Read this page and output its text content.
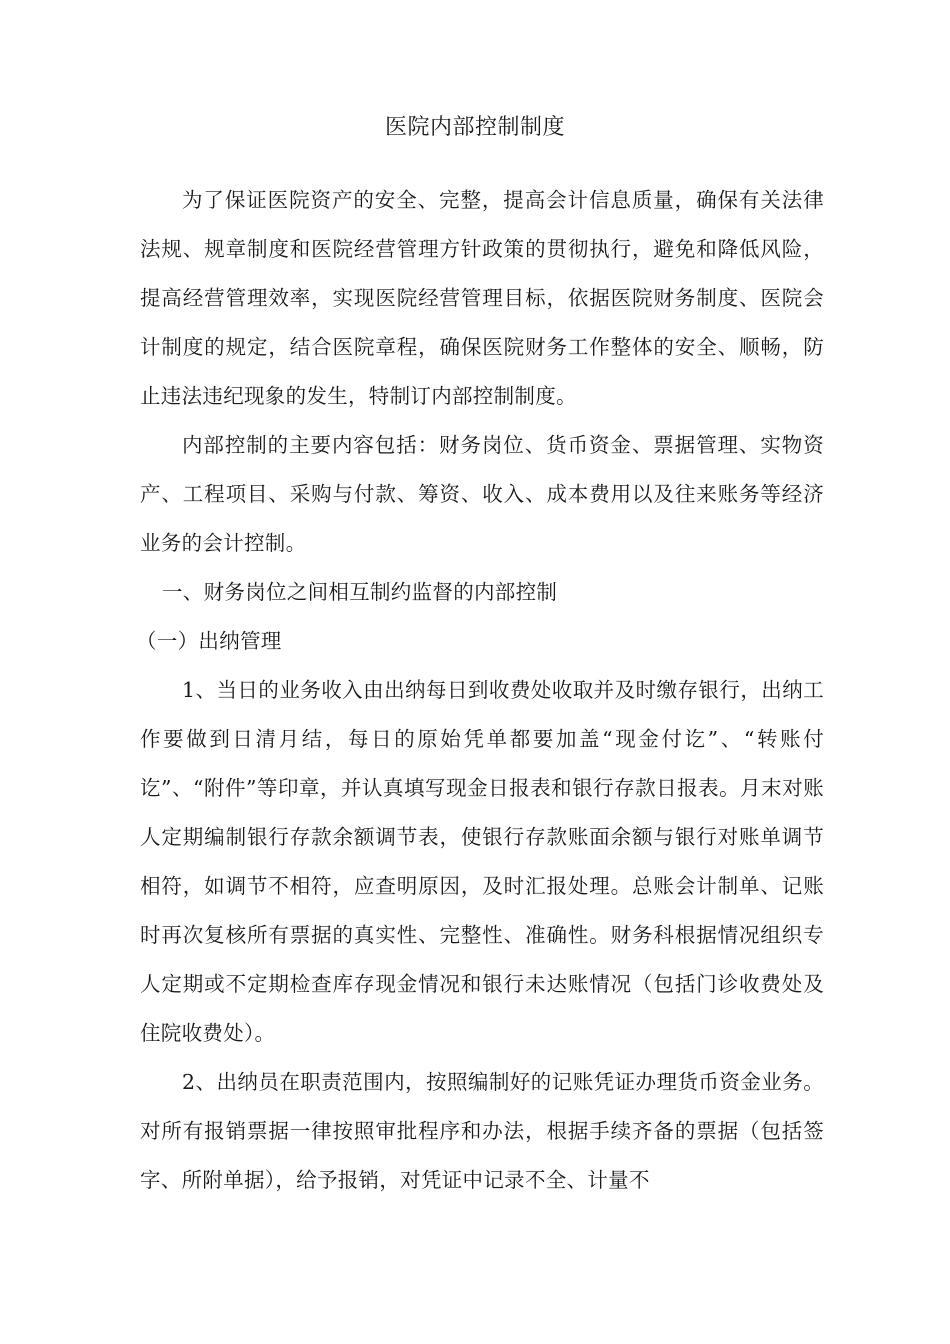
医院内部控制制度

为了保证医院资产的安全、完整，提高会计信息质量，确保有关法律法规、规章制度和医院经营管理方针政策的贯彻执行，避免和降低风险，提高经营管理效率，实现医院经营管理目标，依据医院财务制度、医院会计制度的规定，结合医院章程，确保医院财务工作整体的安全、顺畅，防止违法违纪现象的发生，特制订内部控制制度。

内部控制的主要内容包括：财务岗位、货币资金、票据管理、实物资产、工程项目、采购与付款、筹资、收入、成本费用以及往来账务等经济业务的会计控制。

一、财务岗位之间相互制约监督的内部控制

（一）出纳管理

1、当日的业务收入由出纳每日到收费处收取并及时缴存银行，出纳工作要做到日清月结，每日的原始凭单都要加盖“现金付讫”、“转账付讫”、“附件”等印章，并认真填写现金日报表和银行存款日报表。月末对账人定期编制银行存款余额调节表，使银行存款账面余额与银行对账单调节相符，如调节不相符，应查明原因，及时汇报处理。总账会计制单、记账时再次复核所有票据的真实性、完整性、准确性。财务科根据情况组织专人定期或不定期检查库存现金情况和银行未达账情况（包括门诊收费处及住院收费处）。

2、出纳员在职责范围内，按照编制好的记账凭证办理货币资金业务。对所有报销票据一律按照审批程序和办法，根据手续齐备的票据（包括签字、所附单据），给予报销，对凭证中记录不全、计量不
